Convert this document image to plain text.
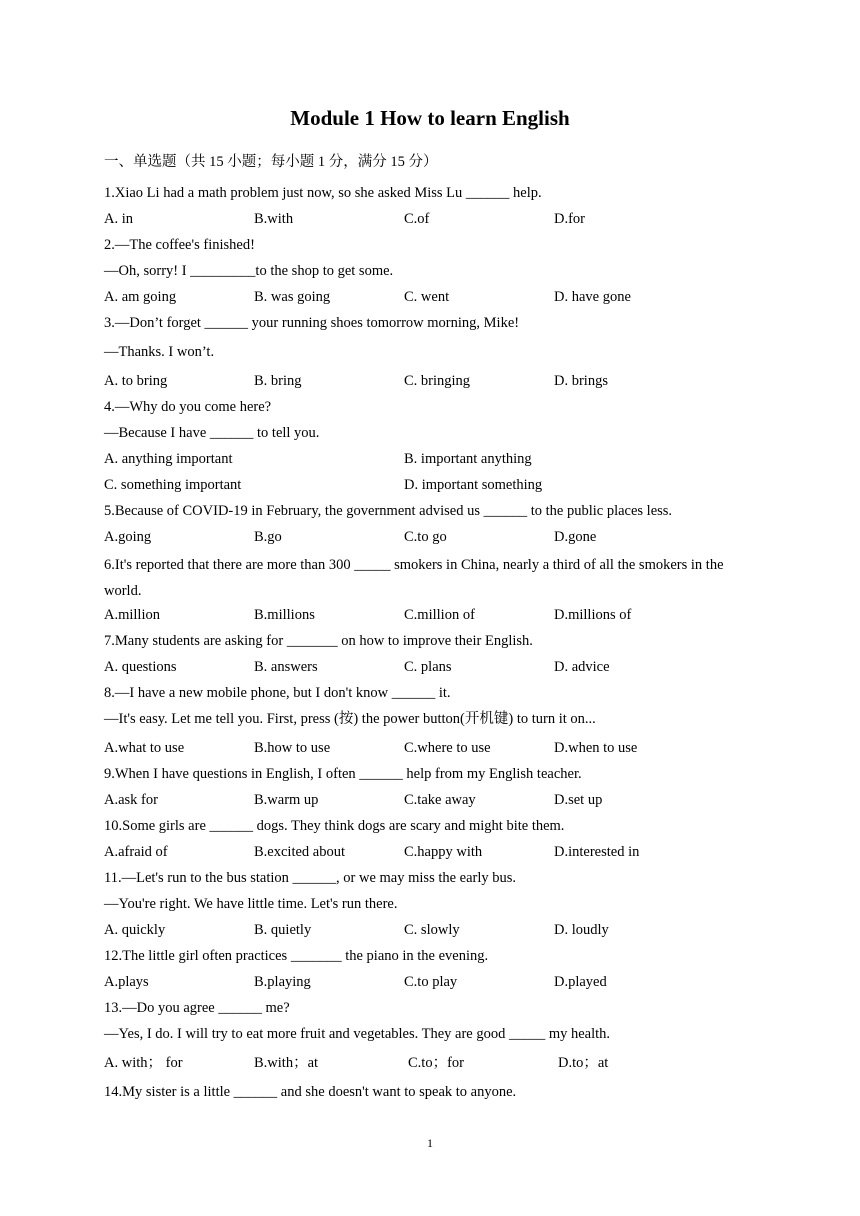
Module 1 How to learn English
一、单选题（共 15 小题；每小题 1 分，满分 15 分）
1.Xiao Li had a math problem just now, so she asked Miss Lu ______ help.
A. in	B.with	C.of	D.for
2.—The coffee's finished!
—Oh, sorry! I _________to the shop to get some.
A. am going	B. was going	C. went	D. have gone
3.—Don’t forget ______ your running shoes tomorrow morning, Mike!
—Thanks. I won’t.
A. to bring	B. bring	C. bringing	D. brings
4.—Why do you come here?
—Because I have ______ to tell you.
A. anything important	B. important anything
C. something important	D. important something
5.Because of COVID-19 in February, the government advised us ______ to the public places less.
A.going	B.go	C.to go	D.gone
6.It's reported that there are more than 300 _____ smokers in China, nearly a third of all the smokers in the world.
A.million	B.millions	C.million of	D.millions of
7.Many students are asking for _______ on how to improve their English.
A. questions	B. answers	C. plans	D. advice
8.—I have a new mobile phone, but I don't know ______ it.
—It's easy. Let me tell you. First, press (按) the power button(开机键) to turn it on...
A.what to use	B.how to use	C.where to use	D.when to use
9.When I have questions in English, I often ______ help from my English teacher.
A.ask for	B.warm up	C.take away	D.set up
10.Some girls are ______ dogs. They think dogs are scary and might bite them.
A.afraid of	B.excited about	C.happy with	D.interested in
11.—Let's run to the bus station ______, or we may miss the early bus.
—You're right. We have little time. Let's run there.
A. quickly	B. quietly	C. slowly	D. loudly
12.The little girl often practices _______ the piano in the evening.
A.plays	B.playing	C.to play	D.played
13.—Do you agree ______ me?
—Yes, I do. I will try to eat more fruit and vegetables. They are good _____ my health.
A. with； for	B.with；at	C.to；for	D.to；at
14.My sister is a little ______ and she doesn't want to speak to anyone.
1
